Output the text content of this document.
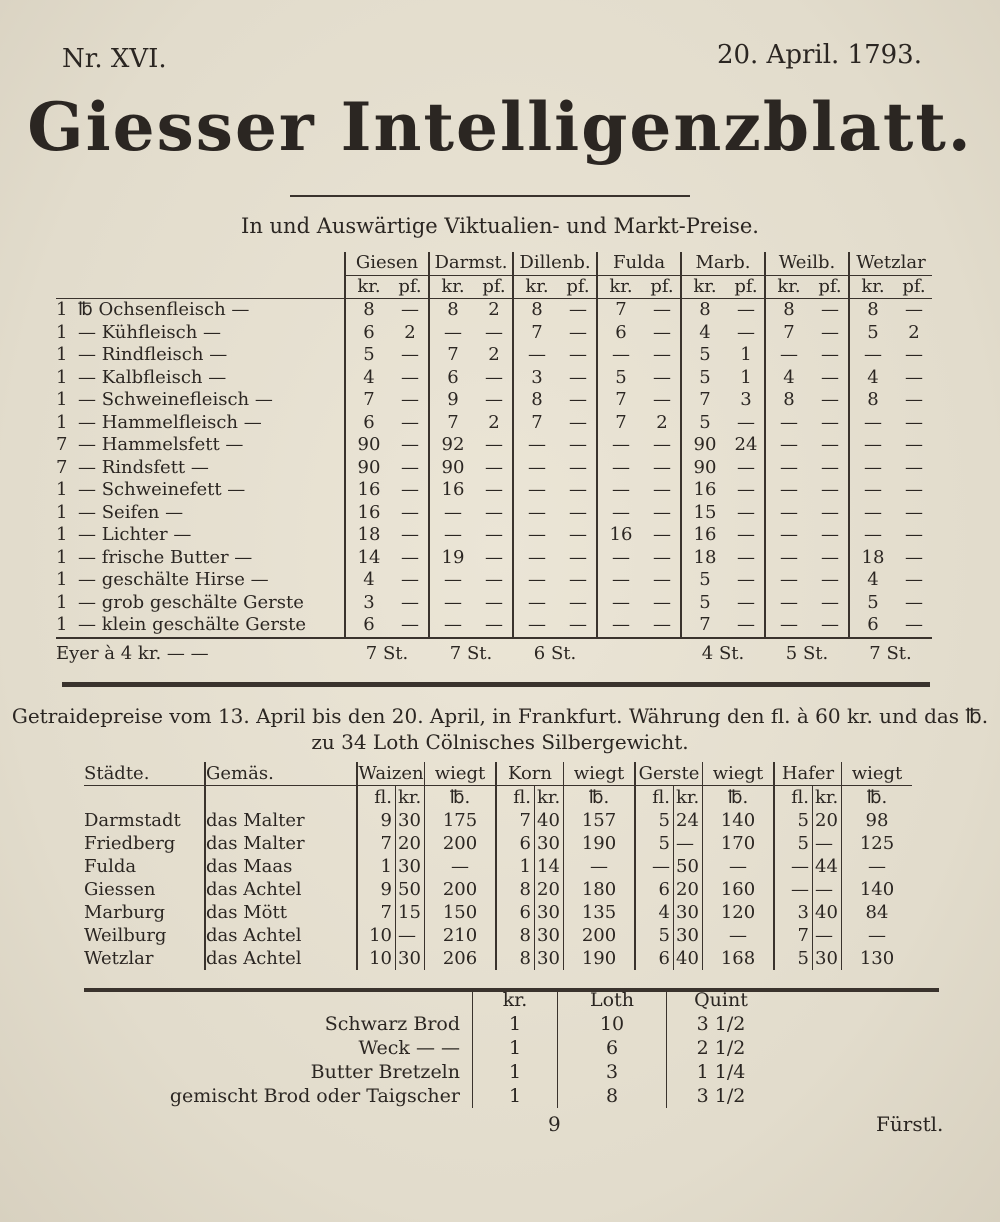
Nr. XVI.	20. April. 1793.

Giesser Intelligenzblatt.

In und Auswärtige Viktualien- und Markt-Preise.

	Giesen		Darmst.		Dillenb.		Fulda		Marb.		Weilb.		Wetzlar	
	kr.	pf.	kr.	pf.	kr.	pf.	kr.	pf.	kr.	pf.	kr.	pf.	kr.	pf.
1 ℔ Ochsenfleisch —	8	—	8	2	8	—	7	—	8	—	8	—	8	—
1 — Kühfleisch —	6	2	—	—	7	—	6	—	4	—	7	—	5	2
1 — Rindfleisch —	5	—	7	2	—	—	—	—	5	1	—	—	—	—
1 — Kalbfleisch —	4	—	6	—	3	—	5	—	5	1	4	—	4	—
1 — Schweinefleisch —	7	—	9	—	8	—	7	—	7	3	8	—	8	—
1 — Hammelfleisch —	6	—	7	2	7	—	7	2	5	—	—	—	—	—
7 — Hammelsfett —	90	—	92	—	—	—	—	—	90	24	—	—	—	—
7 — Rindsfett —	90	—	90	—	—	—	—	—	90	—	—	—	—	—
1 — Schweinefett —	16	—	16	—	—	—	—	—	16	—	—	—	—	—
1 — Seifen —	16	—	—	—	—	—	—	—	15	—	—	—	—	—
1 — Lichter —	18	—	—	—	—	—	16	—	16	—	—	—	—	—
1 — frische Butter —	14	—	19	—	—	—	—	—	18	—	—	—	18	—
1 — geschälte Hirse —	4	—	—	—	—	—	—	—	5	—	—	—	4	—
1 — grob geschälte Gerste	3	—	—	—	—	—	—	—	5	—	—	—	5	—
1 — klein geschälte Gerste	6	—	—	—	—	—	—	—	7	—	—	—	6	—
Eyer à 4 kr. — —	7 St.		7 St.		6 St.				4 St.		5 St.		7 St.	

Getraidepreise vom 13. April bis den 20. April, in Frankfurt. Währung den fl. à 60 kr. und das ℔. zu 34 Loth Cölnisches Silbergewicht.

Städte.	Gemäs.	Waizen		wiegt	Korn		wiegt	Gerste		wiegt	Hafer		wiegt
		fl.	kr.	℔.	fl.	kr.	℔.	fl.	kr.	℔.	fl.	kr.	℔.
Darmstadt	das Malter	9	30	175	7	40	157	5	24	140	5	20	98
Friedberg	das Malter	7	20	200	6	30	190	5	—	170	5	—	125
Fulda	das Maas	1	30	—	1	14	—	—	50	—	—	44	—
Giessen	das Achtel	9	50	200	8	20	180	6	20	160	—	—	140
Marburg	das Mött	7	15	150	6	30	135	4	30	120	3	40	84
Weilburg	das Achtel	10	—	210	8	30	200	5	30	—	7	—	—
Wetzlar	das Achtel	10	30	206	8	30	190	6	40	168	5	30	130
	kr.	Loth	Quint
Schwarz Brod	1	10	3 1/2
Weck — —	1	6	2 1/2
Butter Bretzeln	1	3	1 1/4
gemischt Brod oder Taigscher	1	8	3 1/2

9	Fürstl.
